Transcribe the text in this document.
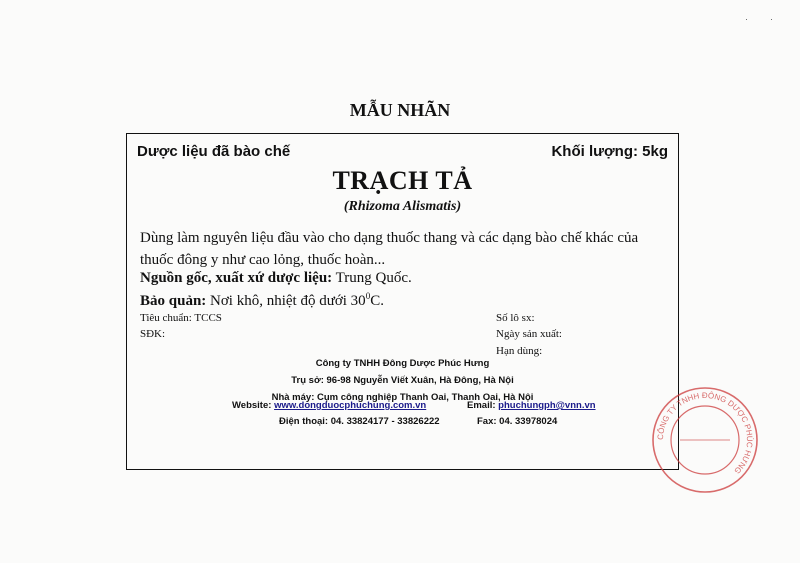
MẪU NHÃN
Dược liệu đã bào chế	Khối lượng: 5kg
TRẠCH TẢ
(Rhizoma Alismatis)
Dùng làm nguyên liệu đầu vào cho dạng thuốc thang và các dạng bào chế khác của thuốc đông y như cao lỏng, thuốc hoàn...
Nguồn gốc, xuất xứ dược liệu: Trung Quốc.
Bảo quản: Nơi khô, nhiệt độ dưới $30^0C$.
Tiêu chuẩn: TCCS
SĐK:
Số lô sx:
Ngày sản xuất:
Hạn dùng:
Công ty TNHH Đông Dược Phúc Hưng
Trụ sở: 96-98 Nguyễn Viết Xuân, Hà Đông, Hà Nội
Nhà máy: Cụm công nghiệp Thanh Oai, Thanh Oai, Hà Nội
Website: www.dongduocphuchung.com.vn	Email: phuchungph@vnn.vn
Điện thoại: 04. 33824177 - 33826222	Fax: 04. 33978024
CÔNG TY TNHH ĐÔNG DƯỢC PHÚC HƯNG
· ·
